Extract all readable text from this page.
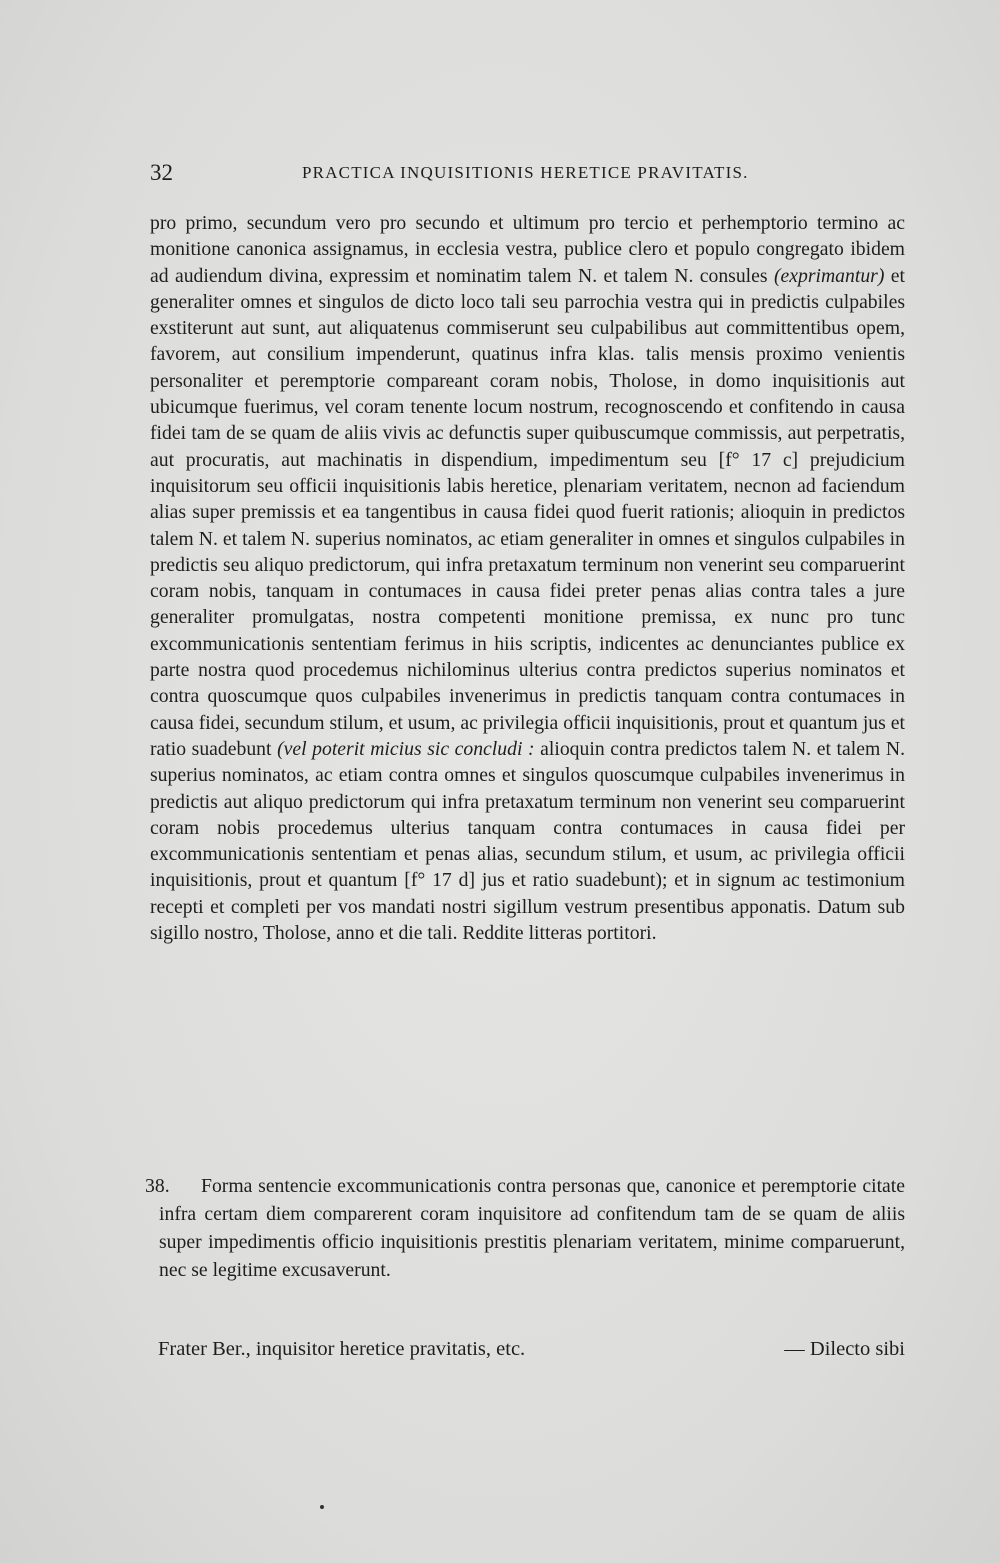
32	PRACTICA INQUISITIONIS HERETICE PRAVITATIS.

pro primo, secundum vero pro secundo et ultimum pro tercio et perhemptorio termino ac monitione canonica assignamus, in ecclesia vestra, publice clero et populo congregato ibidem ad audiendum divina, expressim et nominatim talem N. et talem N. consules (exprimantur) et generaliter omnes et singulos de dicto loco tali seu parrochia vestra qui in predictis culpabiles exstiterunt aut sunt, aut aliquatenus commiserunt seu culpabilibus aut committentibus opem, favorem, aut consilium impenderunt, quatinus infra klas. talis mensis proximo venientis personaliter et peremptorie compareant coram nobis, Tholose, in domo inquisitionis aut ubicumque fuerimus, vel coram tenente locum nostrum, recognoscendo et confitendo in causa fidei tam de se quam de aliis vivis ac defunctis super quibuscumque commissis, aut perpetratis, aut procuratis, aut machinatis in dispendium, impedimentum seu [f° 17 c] prejudicium inquisitorum seu officii inquisitionis labis heretice, plenariam veritatem, necnon ad faciendum alias super premissis et ea tangentibus in causa fidei quod fuerit rationis; alioquin in predictos talem N. et talem N. superius nominatos, ac etiam generaliter in omnes et singulos culpabiles in predictis seu aliquo predictorum, qui infra pretaxatum terminum non venerint seu comparuerint coram nobis, tanquam in contumaces in causa fidei preter penas alias contra tales a jure generaliter promulgatas, nostra competenti monitione premissa, ex nunc pro tunc excommunicationis sententiam ferimus in hiis scriptis, indicentes ac denunciantes publice ex parte nostra quod procedemus nichilominus ulterius contra predictos superius nominatos et contra quoscumque quos culpabiles invenerimus in predictis tanquam contra contumaces in causa fidei, secundum stilum, et usum, ac privilegia officii inquisitionis, prout et quantum jus et ratio suadebunt (vel poterit micius sic concludi : alioquin contra predictos talem N. et talem N. superius nominatos, ac etiam contra omnes et singulos quoscumque culpabiles invenerimus in predictis aut aliquo predictorum qui infra pretaxatum terminum non venerint seu comparuerint coram nobis procedemus ulterius tanquam contra contumaces in causa fidei per excommunicationis sententiam et penas alias, secundum stilum, et usum, ac privilegia officii inquisitionis, prout et quantum [f° 17 d] jus et ratio suadebunt); et in signum ac testimonium recepti et completi per vos mandati nostri sigillum vestrum presentibus apponatis. Datum sub sigillo nostro, Tholose, anno et die tali. Reddite litteras portitori.

38.	Forma sentencie excommunicationis contra personas que, canonice et peremptorie citate infra certam diem comparerent coram inquisitore ad confitendum tam de se quam de aliis super impedimentis officio inquisitionis prestitis plenariam veritatem, minime comparuerunt, nec se legitime excusaverunt.
Frater Ber., inquisitor heretice pravitatis, etc.	— Dilecto sibi
